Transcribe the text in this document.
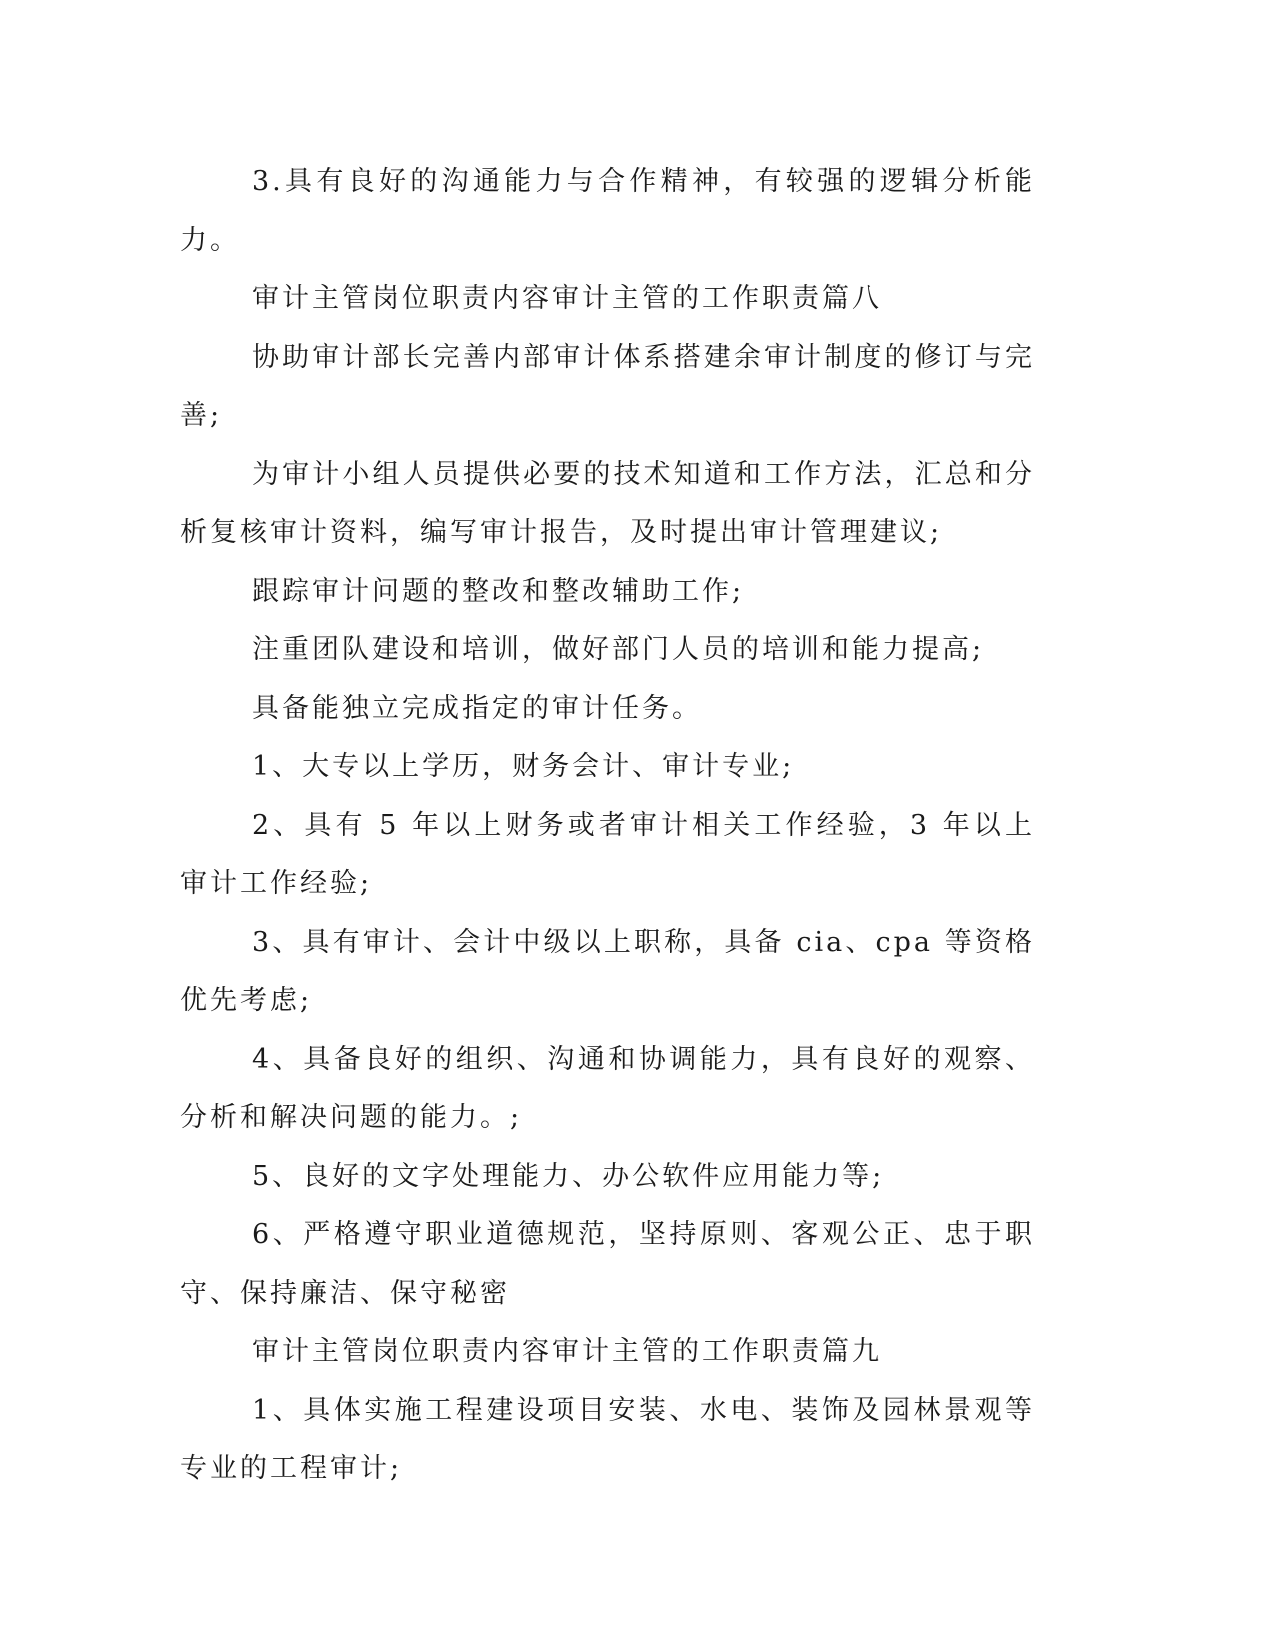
3.具有良好的沟通能力与合作精神，有较强的逻辑分析能力。

审计主管岗位职责内容审计主管的工作职责篇八

协助审计部长完善内部审计体系搭建余审计制度的修订与完善;

为审计小组人员提供必要的技术知道和工作方法，汇总和分析复核审计资料，编写审计报告，及时提出审计管理建议;

跟踪审计问题的整改和整改辅助工作;

注重团队建设和培训，做好部门人员的培训和能力提高;

具备能独立完成指定的审计任务。

1、大专以上学历，财务会计、审计专业;

2、具有 5 年以上财务或者审计相关工作经验，3 年以上审计工作经验;

3、具有审计、会计中级以上职称，具备 cia、cpa 等资格优先考虑;

4、具备良好的组织、沟通和协调能力，具有良好的观察、分析和解决问题的能力。;

5、良好的文字处理能力、办公软件应用能力等;

6、严格遵守职业道德规范，坚持原则、客观公正、忠于职守、保持廉洁、保守秘密

审计主管岗位职责内容审计主管的工作职责篇九

1、具体实施工程建设项目安装、水电、装饰及园林景观等专业的工程审计;
